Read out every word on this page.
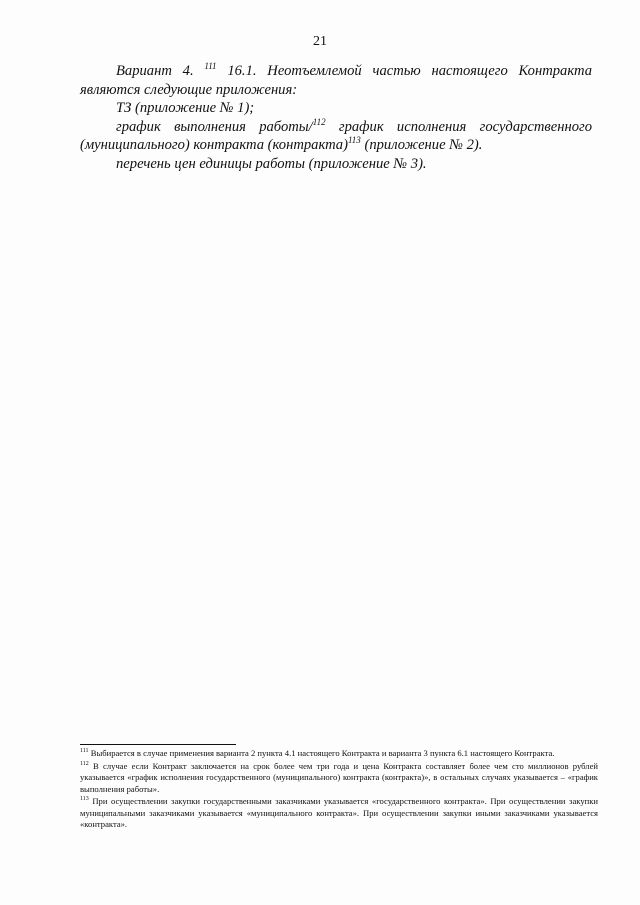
21

Вариант 4. $^{111}$ 16.1. Неотъемлемой частью настоящего Контракта являются следующие приложения:

ТЗ (приложение № 1);

график выполнения работы/$^{112}$ график исполнения государственного (муниципального) контракта (контракта)$^{113}$ (приложение № 2).

перечень цен единицы работы (приложение № 3).

$^{111}$ Выбирается в случае применения варианта 2 пункта 4.1 настоящего Контракта и варианта 3 пункта 6.1 настоящего Контракта.

$^{112}$ В случае если Контракт заключается на срок более чем три года и цена Контракта составляет более чем сто миллионов рублей указывается «график исполнения государственного (муниципального) контракта (контракта)», в остальных случаях указывается – «график выполнения работы».

$^{113}$ При осуществлении закупки государственными заказчиками указывается «государственного контракта». При осуществлении закупки муниципальными заказчиками указывается «муниципального контракта». При осуществлении закупки иными заказчиками указывается «контракта».
